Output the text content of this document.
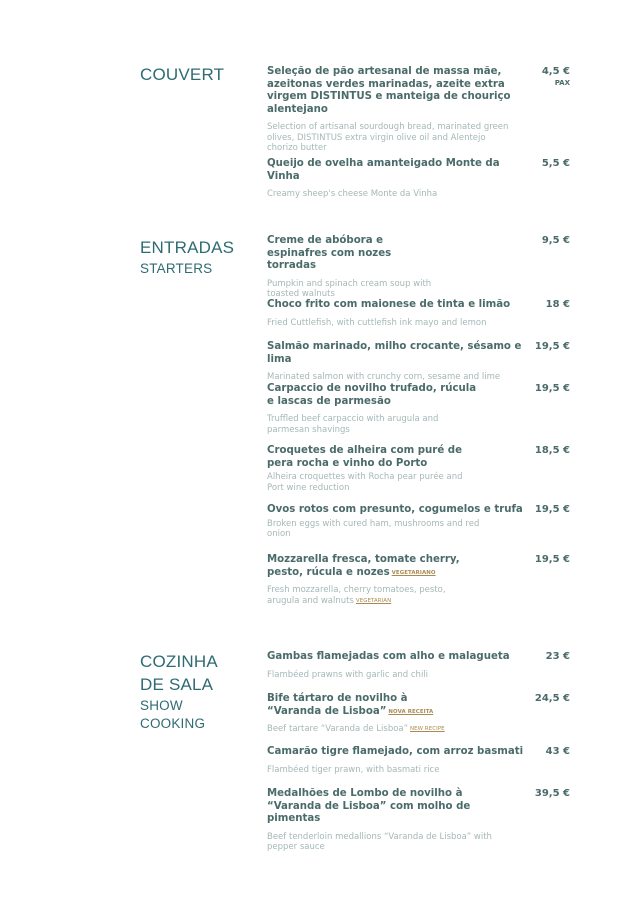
COUVERT	Seleção de pão artesanal de massa mãe, azeitonas verdes marinadas, azeite extra virgem DISTINTUS e manteiga de chouriço alentejano
Selection of artisanal sourdough bread, marinated green olives, DISTINTUS extra virgin olive oil and Alentejo chorizo butter
4,5 €
PAX
Queijo de ovelha amanteigado Monte da Vinha
Creamy sheep's cheese Monte da Vinha
5,5 €
ENTRADAS
STARTERS
Creme de abóbora e espinafres com nozes torradas
Pumpkin and spinach cream soup with toasted walnuts
9,5 €
Choco frito com maionese de tinta e limão
Fried Cuttlefish, with cuttlefish ink mayo and lemon
18 €
Salmão marinado, milho crocante, sésamo e lima
Marinated salmon with crunchy corn, sesame and lime
19,5 €
Carpaccio de novilho trufado, rúcula e lascas de parmesão
Truffled beef carpaccio with arugula and parmesan shavings
19,5 €
Croquetes de alheira com puré de pera rocha e vinho do Porto
Alheira croquettes with Rocha pear purée and Port wine reduction
18,5 €
Ovos rotos com presunto, cogumelos e trufa
Broken eggs with cured ham, mushrooms and red onion
19,5 €
Mozzarella fresca, tomate cherry, pesto, rúcula e nozes VEGETARIANO
Fresh mozzarella, cherry tomatoes, pesto, arugula and walnuts VEGETARIAN
19,5 €
COZINHA
DE SALA
SHOW
COOKING
Gambas flamejadas com alho e malagueta
Flambéed prawns with garlic and chili
23 €
Bife tártaro de novilho à “Varanda de Lisboa” NOVA RECEITA
Beef tartare “Varanda de Lisboa” NEW RECIPE
24,5 €
Camarão tigre flamejado, com arroz basmati
Flambéed tiger prawn, with basmati rice
43 €
Medalhões de Lombo de novilho à “Varanda de Lisboa” com molho de pimentas
Beef tenderloin medallions “Varanda de Lisboa” with pepper sauce
39,5 €
